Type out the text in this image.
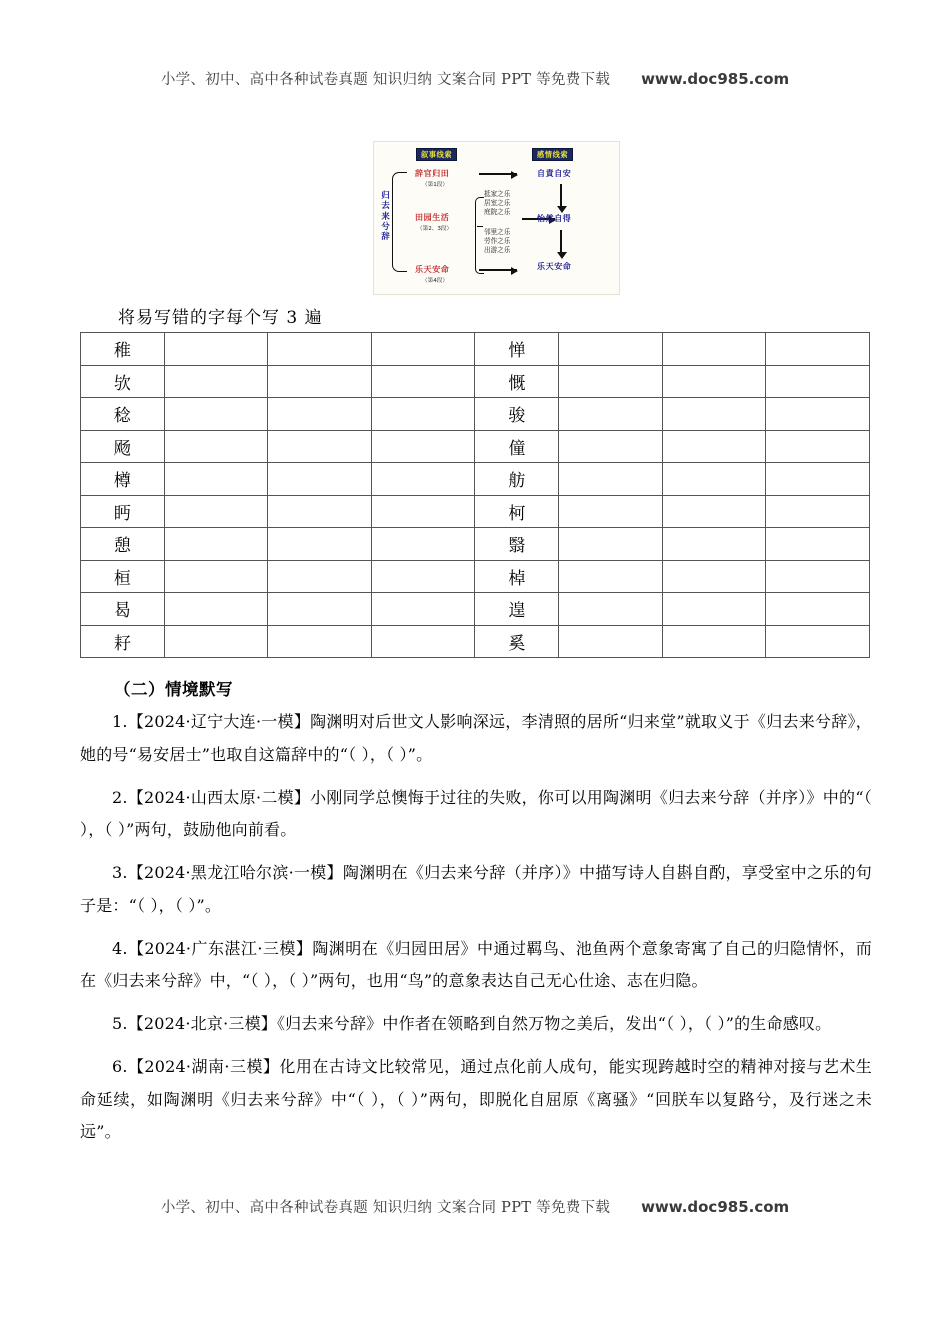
小学、初中、高中各种试卷真题 知识归纳 文案合同 PPT 等免费下载 www.doc985.com
归去来兮辞
叙事线索	感情线索
辞官归田
（第1段）
田园生活
（第2、3段）
乐天安命
（第4段）
抵家之乐
居室之乐
庭院之乐
邻里之乐
劳作之乐
出游之乐
自責自安
怡然自得
乐天安命
将易写错的字每个写 3 遍
稚				惮			
欤				慨			
稔				骏			
飏				僮			
樽				舫			
眄				柯			
憩				翳			
桓				棹			
曷				遑			
耔				奚			
（二）情境默写

1.【2024·辽宁大连·一模】陶渊明对后世文人影响深远，李清照的居所“归来堂”就取义于《归去来兮辞》，她的号“易安居士”也取自这篇辞中的“（ ），（ ）”。

2.【2024·山西太原·二模】小刚同学总懊悔于过往的失败，你可以用陶渊明《归去来兮辞（并序）》中的“（ ），（ ）”两句，鼓励他向前看。

3.【2024·黑龙江哈尔滨·一模】陶渊明在《归去来兮辞（并序）》中描写诗人自斟自酌，享受室中之乐的句子是：“（ ），（ ）”。

4.【2024·广东湛江·三模】陶渊明在《归园田居》中通过羁鸟、池鱼两个意象寄寓了自己的归隐情怀，而在《归去来兮辞》中，“（ ），（ ）”两句，也用“鸟”的意象表达自己无心仕途、志在归隐。

5.【2024·北京·三模】《归去来兮辞》中作者在领略到自然万物之美后，发出“（ ），（ ）”的生命感叹。

6.【2024·湖南·三模】化用在古诗文比较常见，通过点化前人成句，能实现跨越时空的精神对接与艺术生命延续，如陶渊明《归去来兮辞》中“（ ），（ ）”两句，即脱化自屈原《离骚》“回朕车以复路兮，及行迷之未远”。

小学、初中、高中各种试卷真题 知识归纳 文案合同 PPT 等免费下载 www.doc985.com
